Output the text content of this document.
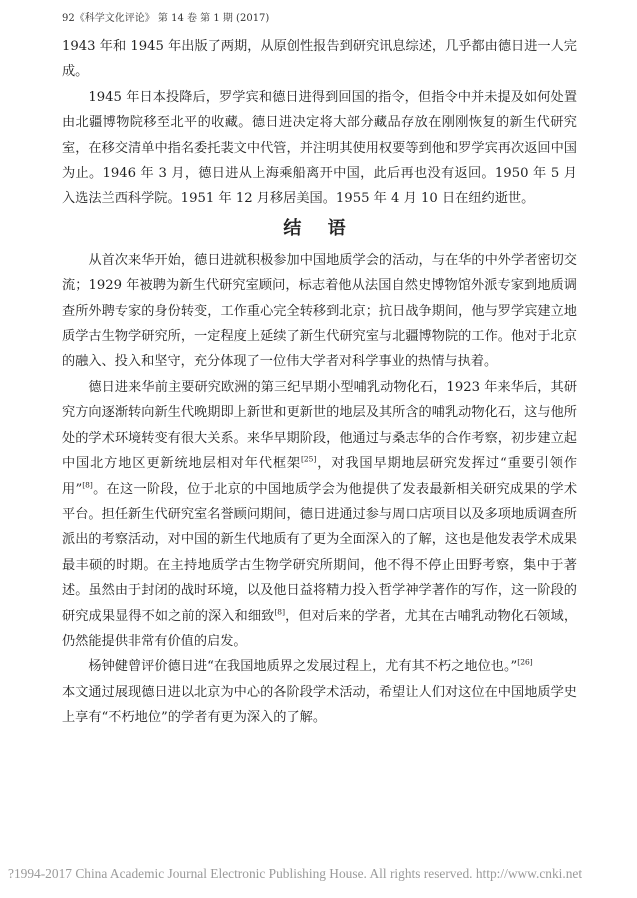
92《科学文化评论》 第 14 卷 第 1 期 (2017)

1943 年和 1945 年出版了两期，从原创性报告到研究讯息综述，几乎都由德日进一人完成。

1945 年日本投降后，罗学宾和德日进得到回国的指令，但指令中并未提及如何处置由北疆博物院移至北平的收藏。德日进决定将大部分藏品存放在刚刚恢复的新生代研究室，在移交清单中指名委托裴文中代管，并注明其使用权要等到他和罗学宾再次返回中国为止。1946 年 3 月，德日进从上海乘船离开中国，此后再也没有返回。1950 年 5 月入选法兰西科学院。1951 年 12 月移居美国。1955 年 4 月 10 日在纽约逝世。

结 语

从首次来华开始，德日进就积极参加中国地质学会的活动，与在华的中外学者密切交流；1929 年被聘为新生代研究室顾问，标志着他从法国自然史博物馆外派专家到地质调查所外聘专家的身份转变，工作重心完全转移到北京；抗日战争期间，他与罗学宾建立地质学古生物学研究所，一定程度上延续了新生代研究室与北疆博物院的工作。他对于北京的融入、投入和坚守，充分体现了一位伟大学者对科学事业的热情与执着。

德日进来华前主要研究欧洲的第三纪早期小型哺乳动物化石，1923 年来华后，其研究方向逐渐转向新生代晚期即上新世和更新世的地层及其所含的哺乳动物化石，这与他所处的学术环境转变有很大关系。来华早期阶段，他通过与桑志华的合作考察，初步建立起中国北方地区更新统地层相对年代框架[25]，对我国早期地层研究发挥过“重要引领作用”[8]。在这一阶段，位于北京的中国地质学会为他提供了发表最新相关研究成果的学术平台。担任新生代研究室名誉顾问期间，德日进通过参与周口店项目以及多项地质调查所派出的考察活动，对中国的新生代地质有了更为全面深入的了解，这也是他发表学术成果最丰硕的时期。在主持地质学古生物学研究所期间，他不得不停止田野考察，集中于著述。虽然由于封闭的战时环境，以及他日益将精力投入哲学神学著作的写作，这一阶段的研究成果显得不如之前的深入和细致[8]，但对后来的学者，尤其在古哺乳动物化石领域，仍然能提供非常有价值的启发。

杨钟健曾评价德日进“在我国地质界之发展过程上，尤有其不朽之地位也。”[26]

本文通过展现德日进以北京为中心的各阶段学术活动，希望让人们对这位在中国地质学史上享有“不朽地位”的学者有更为深入的了解。

?1994-2017 China Academic Journal Electronic Publishing House. All rights reserved. http://www.cnki.net
